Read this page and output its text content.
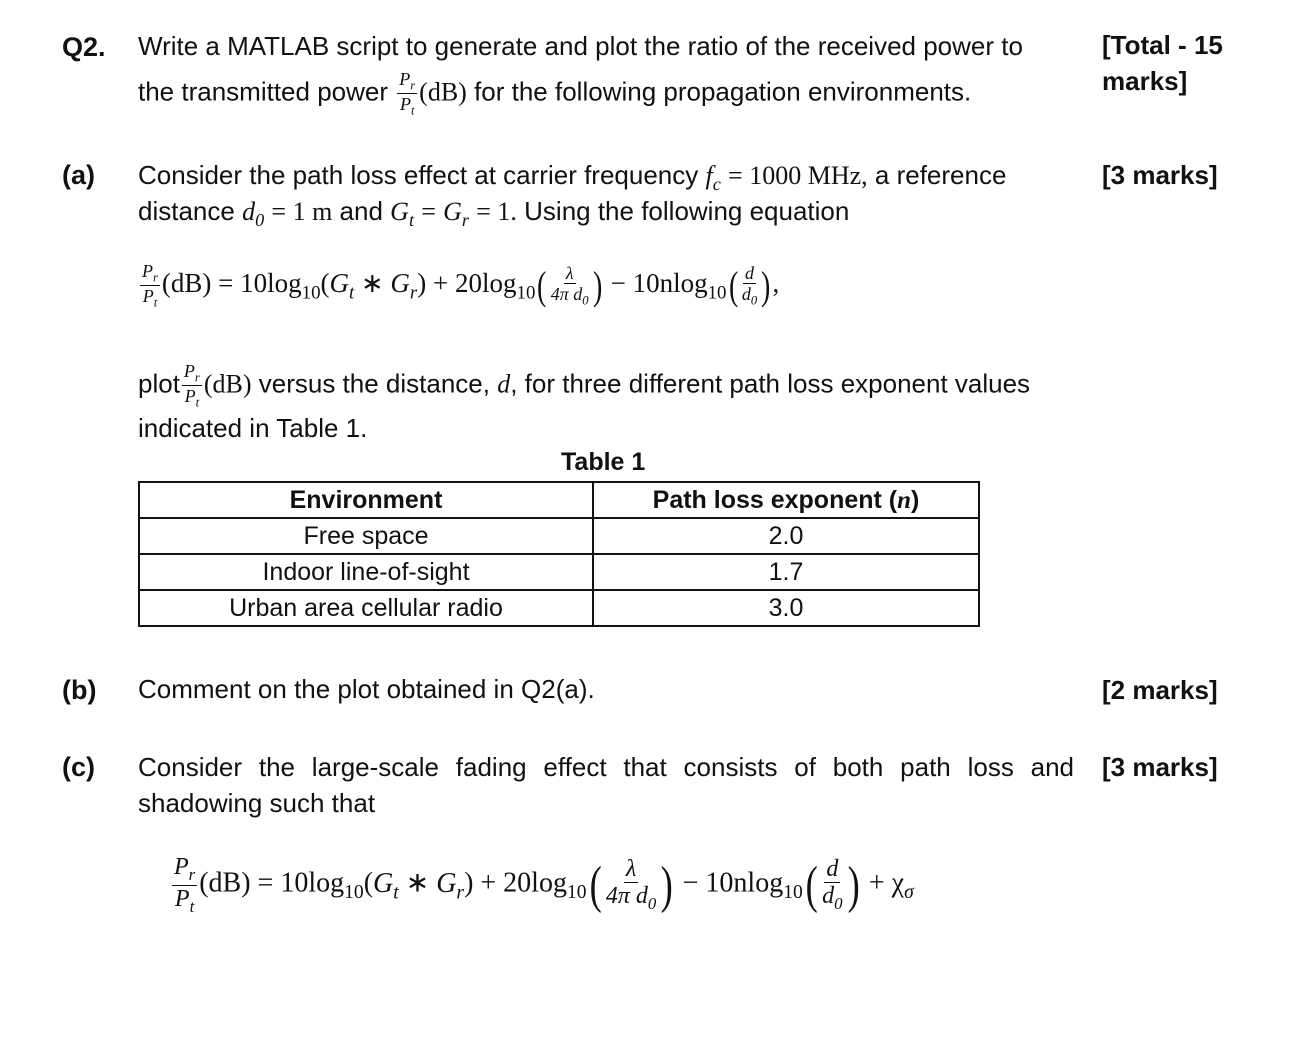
Q2. Write a MATLAB script to generate and plot the ratio of the received power to
the transmitted power $\frac{P_r}{P_t} (dB)$ for the following propagation environments.
[Total - 15
marks]
(a) Consider the path loss effect at carrier frequency $f_c = 1000$ MHz, a reference	[3 marks]
distance $d_0 = 1$ m and $G_t = G_r = 1$. Using the following equation
$\frac{P_r}{P_t} (dB) = 10\log_{10}(G_t$ ∗ $G_r) + 20\log_{10}( \frac{\lambda}{4\pi d_0}$ ) − $10nlog_{10}( \frac{d}{d_0}$ ),
plot $\frac{P_r}{P_t} (dB)$ versus the distance, d, for three different path loss exponent values
indicated in Table 1.
Table 1
Environment	Path loss exponent (n)
Free space	2.0
Indoor line-of-sight	1.7
Urban area cellular radio	3.0
(b) Comment on the plot obtained in Q2(a).	[2 marks]
(c) Consider the large-scale fading effect that consists of both path loss and
shadowing such that
[3 marks]
$\frac{P_r}{P_t} (dB) = 10\log_{10}(G_t$ ∗ $G_r) + 20\log_{10}( \frac{\lambda}{4\pi d_0}$ ) − $10nlog_{10}( \frac{d}{d_0}$ ) + $\chi_\sigma$
